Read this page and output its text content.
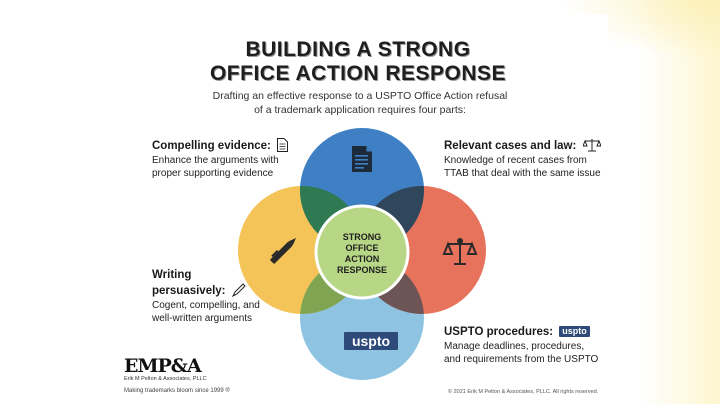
BUILDING A STRONG
OFFICE ACTION RESPONSE
Drafting an effective response to a USPTO Office Action refusal
of a trademark application requires four parts:
STRONG
OFFICE
ACTION
RESPONSE
uspto
Compelling evidence:
Enhance the arguments with
proper supporting evidence
Relevant cases and law:
Knowledge of recent cases from
TTAB that deal with the same issue
Writing
persuasively:
Cogent, compelling, and
well-written arguments
USPTO procedures: uspto
Manage deadlines, procedures,
and requirements from the USPTO
EMP&A
Erik M Pelton & Associates, PLLC
Making trademarks bloom since 1999 ®	© 2021 Erik M Pelton & Associates, PLLC. All rights reserved.
